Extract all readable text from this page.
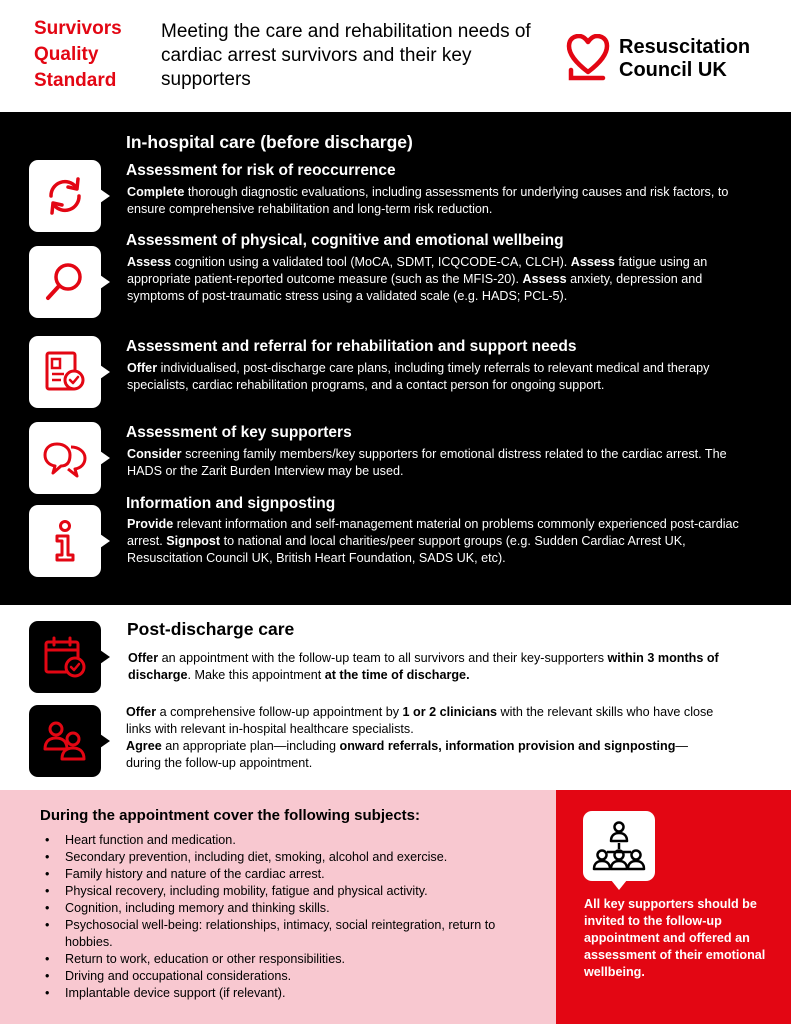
Survivors
Quality
Standard
Meeting the care and rehabilitation needs of cardiac arrest survivors and their key supporters
Resuscitation
Council UK
In-hospital care (before discharge)
Assessment for risk of reoccurrence
Complete thorough diagnostic evaluations, including assessments for underlying causes and risk factors, to ensure comprehensive rehabilitation and long-term risk reduction.
Assessment of physical, cognitive and emotional wellbeing
Assess cognition using a validated tool (MoCA, SDMT, ICQCODE-CA, CLCH). Assess fatigue using an appropriate patient-reported outcome measure (such as the MFIS-20). Assess anxiety, depression and symptoms of post-traumatic stress using a validated scale (e.g. HADS; PCL-5).
Assessment and referral for rehabilitation and support needs
Offer individualised, post-discharge care plans, including timely referrals to relevant medical and therapy specialists, cardiac rehabilitation programs, and a contact person for ongoing support.
Assessment of key supporters
Consider screening family members/key supporters for emotional distress related to the cardiac arrest. The HADS or the Zarit Burden Interview may be used.
Information and signposting
Provide relevant information and self-management material on problems commonly experienced post-cardiac arrest. Signpost to national and local charities/peer support groups (e.g. Sudden Cardiac Arrest UK, Resuscitation Council UK, British Heart Foundation, SADS UK, etc).
Post-discharge care
Offer an appointment with the follow-up team to all survivors and their key-supporters within 3 months of discharge. Make this appointment at the time of discharge.
Offer a comprehensive follow-up appointment by 1 or 2 clinicians with the relevant skills who have close links with relevant in-hospital healthcare specialists.
Agree an appropriate plan—including onward referrals, information provision and signposting— during the follow-up appointment.
During the appointment cover the following subjects:
• Heart function and medication.
• Secondary prevention, including diet, smoking, alcohol and exercise.
• Family history and nature of the cardiac arrest.
• Physical recovery, including mobility, fatigue and physical activity.
• Cognition, including memory and thinking skills.
• Psychosocial well-being: relationships, intimacy, social reintegration, return to hobbies.
• Return to work, education or other responsibilities.
• Driving and occupational considerations.
• Implantable device support (if relevant).
All key supporters should be invited to the follow-up appointment and offered an assessment of their emotional wellbeing.
